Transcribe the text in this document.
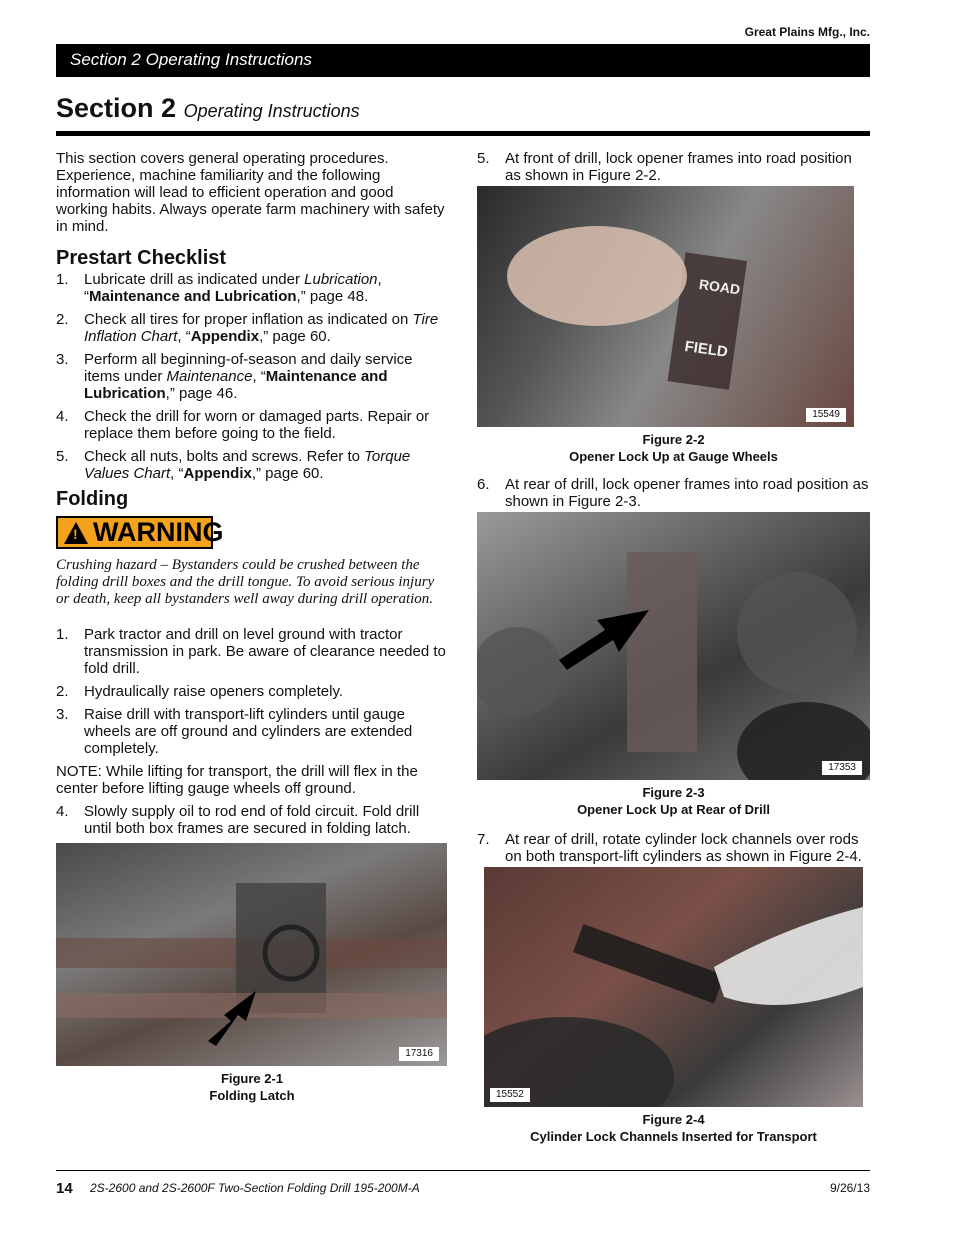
Great Plains Mfg., Inc.
Section 2 Operating Instructions
Section 2 Operating Instructions

This section covers general operating procedures. Experience, machine familiarity and the following information will lead to efficient operation and good working habits. Always operate farm machinery with safety in mind.

Prestart Checklist
1. Lubricate drill as indicated under Lubrication, “Maintenance and Lubrication,” page 48.
2. Check all tires for proper inflation as indicated on Tire Inflation Chart, “Appendix,” page 60.
3. Perform all beginning-of-season and daily service items under Maintenance, “Maintenance and Lubrication,” page 46.
4. Check the drill for worn or damaged parts. Repair or replace them before going to the field.
5. Check all nuts, bolts and screws. Refer to Torque Values Chart, “Appendix,” page 60.
Folding
! WARNING

Crushing hazard – Bystanders could be crushed between the folding drill boxes and the drill tongue. To avoid serious injury or death, keep all bystanders well away during drill operation.

1. Park tractor and drill on level ground with tractor transmission in park. Be aware of clearance needed to fold drill.
2. Hydraulically raise openers completely.
3. Raise drill with transport-lift cylinders until gauge wheels are off ground and cylinders are extended completely.

NOTE: While lifting for transport, the drill will flex in the center before lifting gauge wheels off ground.

4. Slowly supply oil to rod end of fold circuit. Fold drill until both box frames are secured in folding latch.
17316
Figure 2-1
Folding Latch
5. At front of drill, lock opener frames into road position as shown in Figure 2-2.
ROAD
FIELD
15549
Figure 2-2
Opener Lock Up at Gauge Wheels
6. At rear of drill, lock opener frames into road position as shown in Figure 2-3.
17353
Figure 2-3
Opener Lock Up at Rear of Drill
7. At rear of drill, rotate cylinder lock channels over rods on both transport-lift cylinders as shown in Figure 2-4.
15552
Figure 2-4
Cylinder Lock Channels Inserted for Transport
14 2S-2600 and 2S-2600F Two-Section Folding Drill 195-200M-A	9/26/13
